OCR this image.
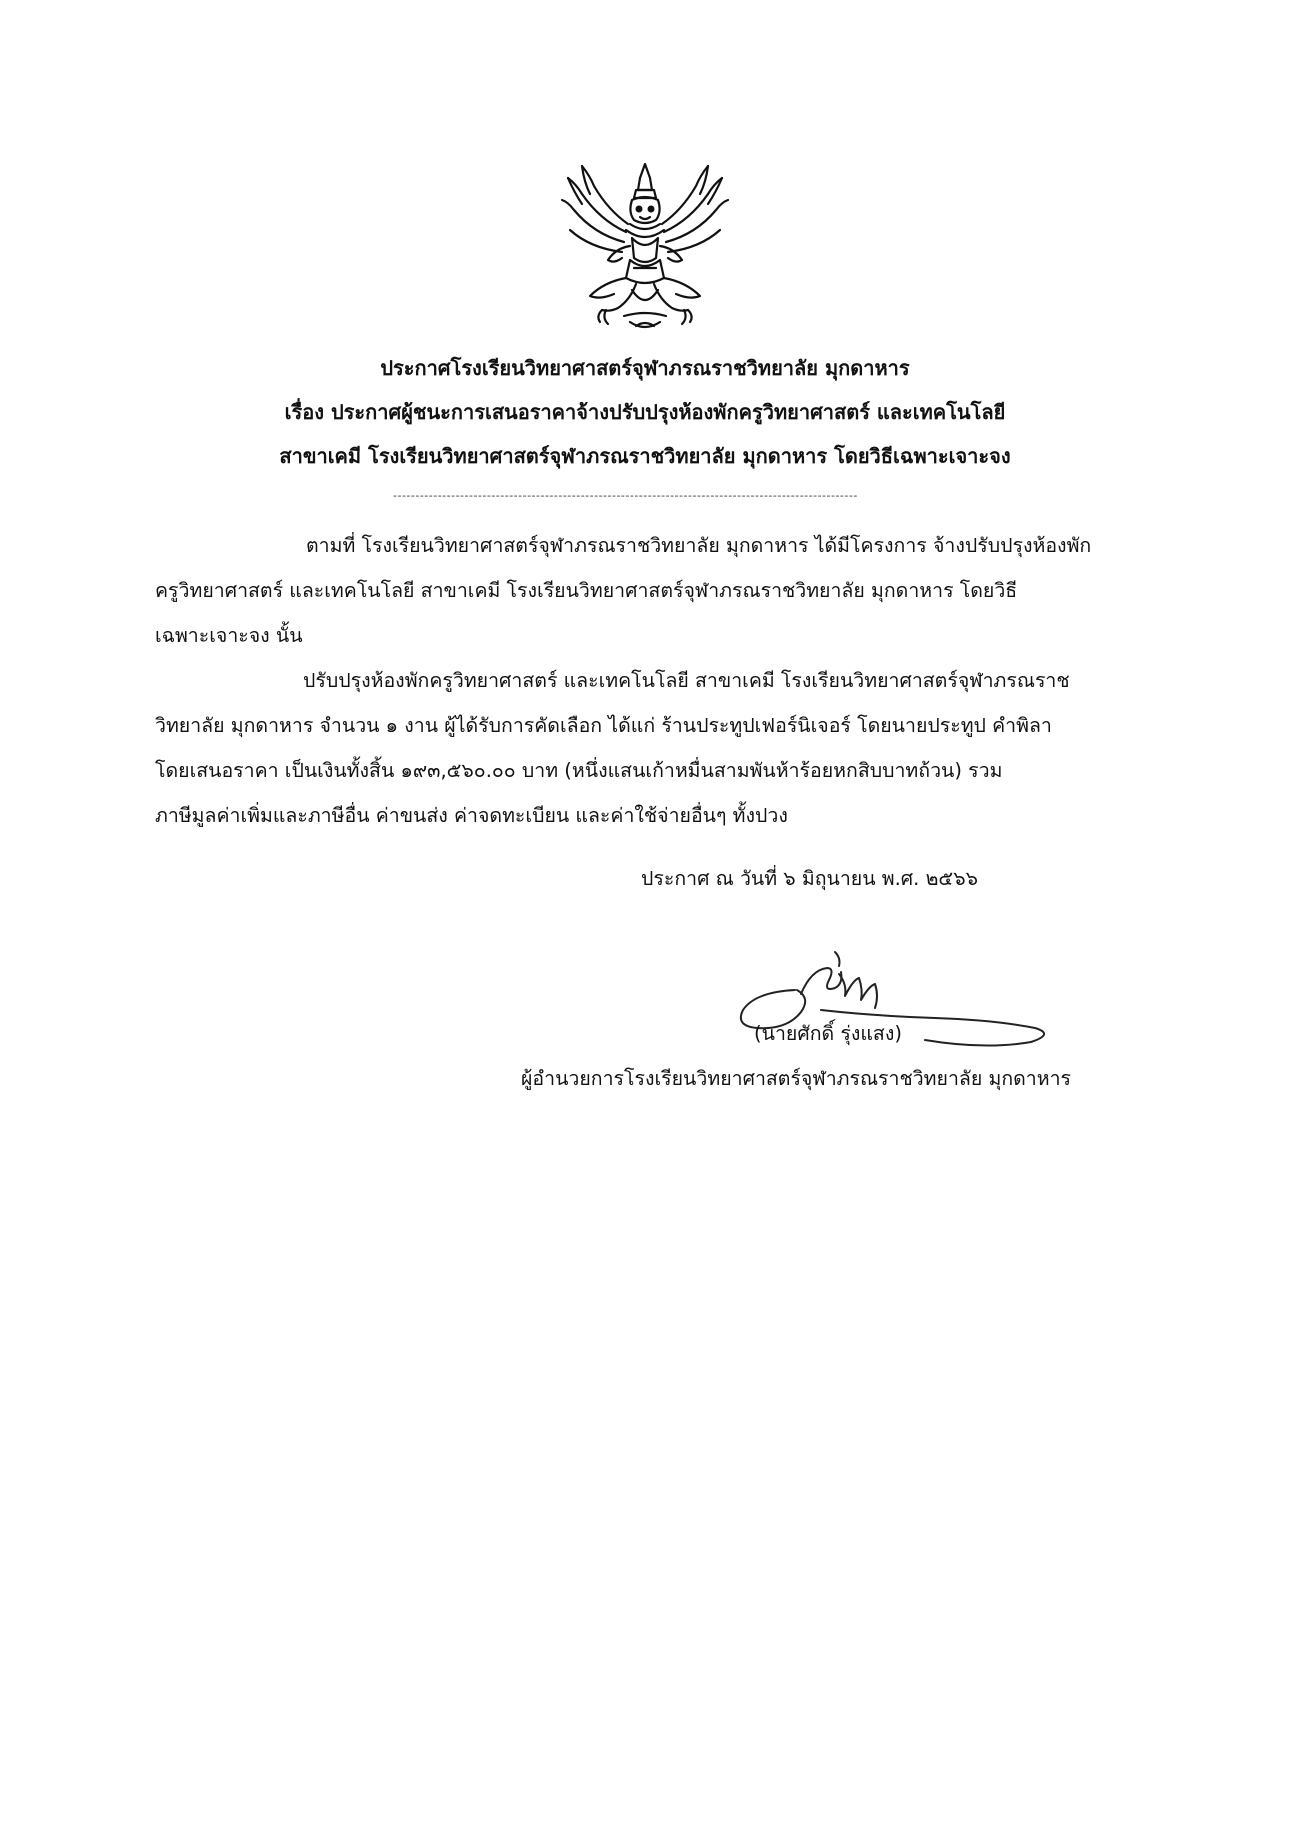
ประกาศโรงเรียนวิทยาศาสตร์จุฬาภรณราชวิทยาลัย มุกดาหาร
เรื่อง ประกาศผู้ชนะการเสนอราคาจ้างปรับปรุงห้องพักครูวิทยาศาสตร์ และเทคโนโลยี
สาขาเคมี โรงเรียนวิทยาศาสตร์จุฬาภรณราชวิทยาลัย มุกดาหาร โดยวิธีเฉพาะเจาะจง
--------------------------------------------------------------------------------------------------------
ตามที่ โรงเรียนวิทยาศาสตร์จุฬาภรณราชวิทยาลัย มุกดาหาร ได้มีโครงการ จ้างปรับปรุงห้องพัก
ครูวิทยาศาสตร์ และเทคโนโลยี สาขาเคมี โรงเรียนวิทยาศาสตร์จุฬาภรณราชวิทยาลัย มุกดาหาร โดยวิธี
เฉพาะเจาะจง นั้น
ปรับปรุงห้องพักครูวิทยาศาสตร์ และเทคโนโลยี สาขาเคมี โรงเรียนวิทยาศาสตร์จุฬาภรณราช
วิทยาลัย มุกดาหาร จำนวน ๑ งาน ผู้ได้รับการคัดเลือก ได้แก่ ร้านประทูปเฟอร์นิเจอร์ โดยนายประทูป คำพิลา
โดยเสนอราคา เป็นเงินทั้งสิ้น ๑๙๓,๕๖๐.๐๐ บาท (หนึ่งแสนเก้าหมื่นสามพันห้าร้อยหกสิบบาทถ้วน) รวม
ภาษีมูลค่าเพิ่มและภาษีอื่น ค่าขนส่ง ค่าจดทะเบียน และค่าใช้จ่ายอื่นๆ ทั้งปวง
ประกาศ ณ วันที่ ๖ มิถุนายน พ.ศ. ๒๕๖๖
(นายศักดิ์ รุ่งแสง)
ผู้อำนวยการโรงเรียนวิทยาศาสตร์จุฬาภรณราชวิทยาลัย มุกดาหาร
